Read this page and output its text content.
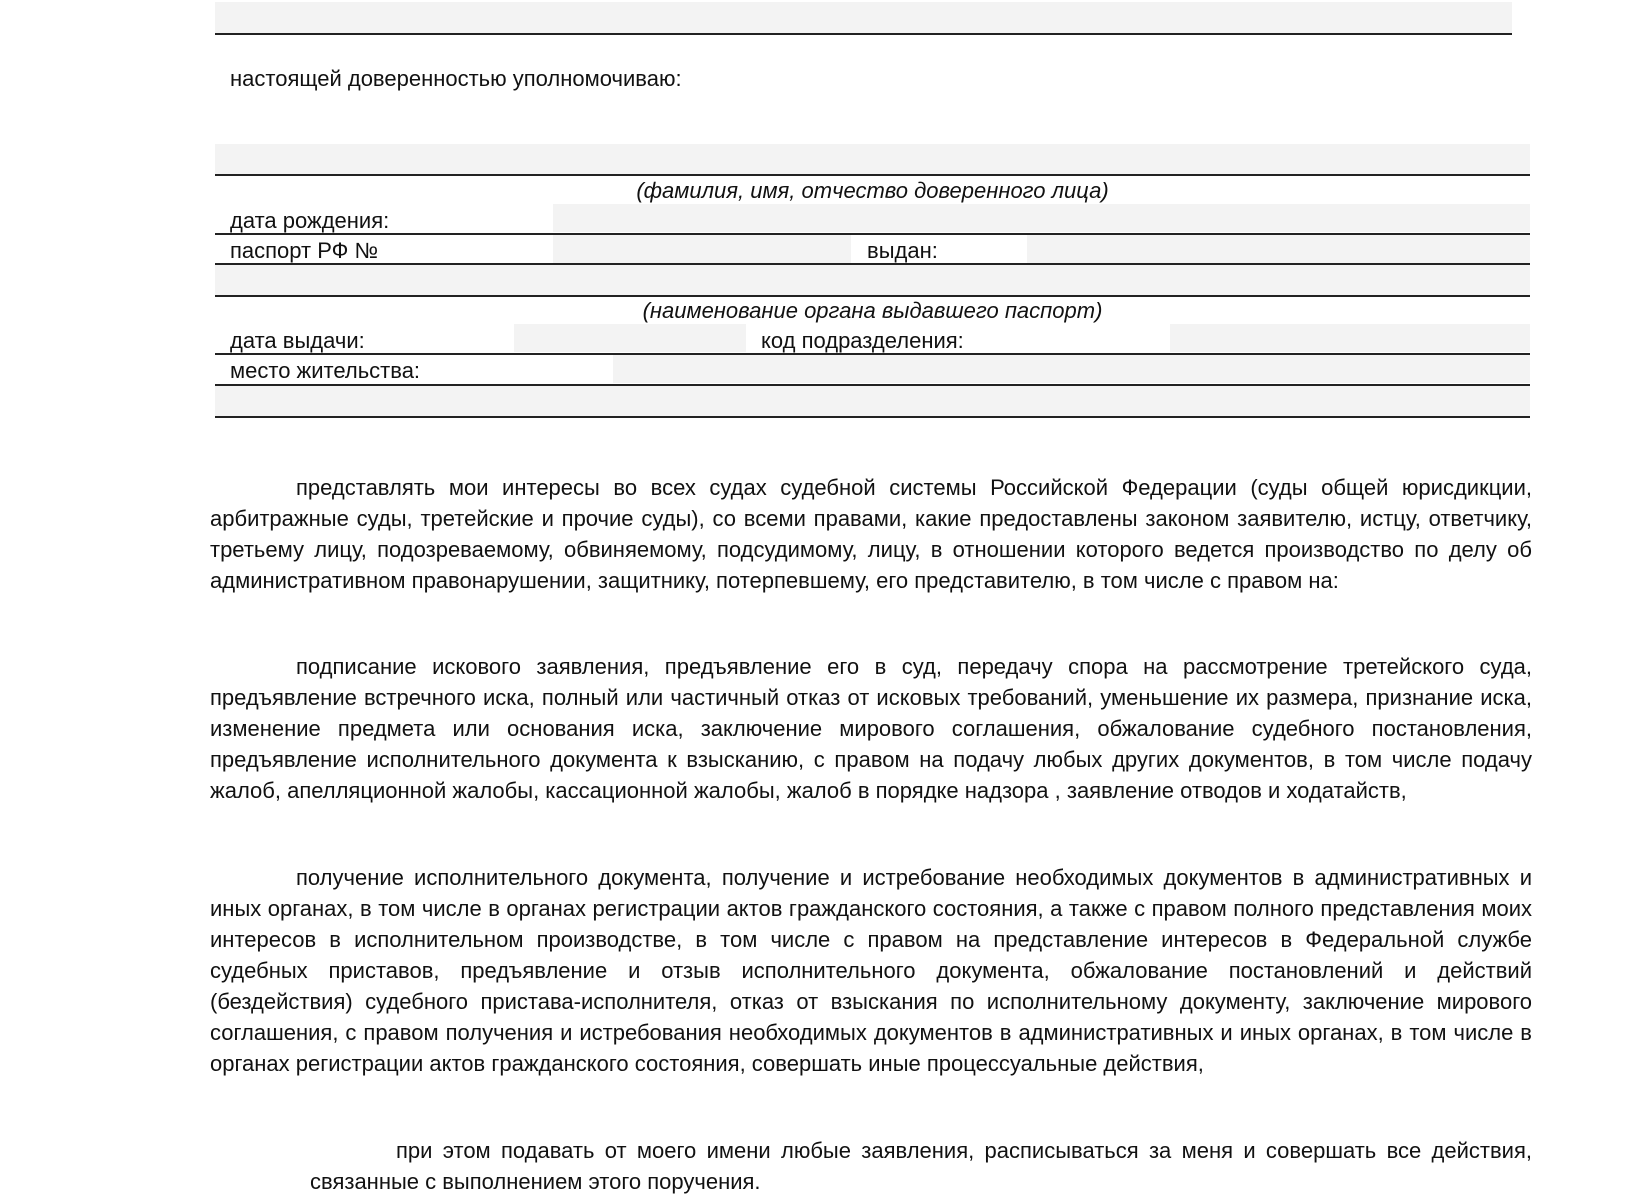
настоящей доверенностью уполномочиваю:
(фамилия, имя, отчество доверенного лица)
дата рождения:
паспорт РФ №	выдан:
(наименование органа выдавшего паспорт)
дата выдачи:	код подразделения:
место жительства:

представлять мои интересы во всех судах судебной системы Российской Федерации (суды общей юрисдикции, арбитражные суды, третейские и прочие суды), со всеми правами, какие предоставлены законом заявителю, истцу, ответчику, третьему лицу, подозреваемому, обвиняемому, подсудимому, лицу, в отношении которого ведется производство по делу об административном правонарушении, защитнику, потерпевшему, его представителю, в том числе с правом на:

подписание искового заявления, предъявление его в суд, передачу спора на рассмотрение третейского суда, предъявление встречного иска, полный или частичный отказ от исковых требований, уменьшение их размера, признание иска, изменение предмета или основания иска, заключение мирового соглашения, обжалование судебного постановления, предъявление исполнительного документа к взысканию, с правом на подачу любых других документов, в том числе подачу жалоб, апелляционной жалобы, кассационной жалобы, жалоб в порядке надзора , заявление отводов и ходатайств,

получение исполнительного документа, получение и истребование необходимых документов в административных и иных органах, в том числе в органах регистрации актов гражданского состояния, а также с правом полного представления моих интересов в исполнительном производстве, в том числе с правом на представление интересов в Федеральной службе судебных приставов, предъявление и отзыв исполнительного документа, обжалование постановлений и действий (бездействия) судебного пристава-исполнителя, отказ от взыскания по исполнительному документу, заключение мирового соглашения, с правом получения и истребования необходимых документов в административных и иных органах, в том числе в органах регистрации актов гражданского состояния, совершать иные процессуальные действия,

при этом подавать от моего имени любые заявления, расписываться за меня и совершать все действия, связанные с выполнением этого поручения.
